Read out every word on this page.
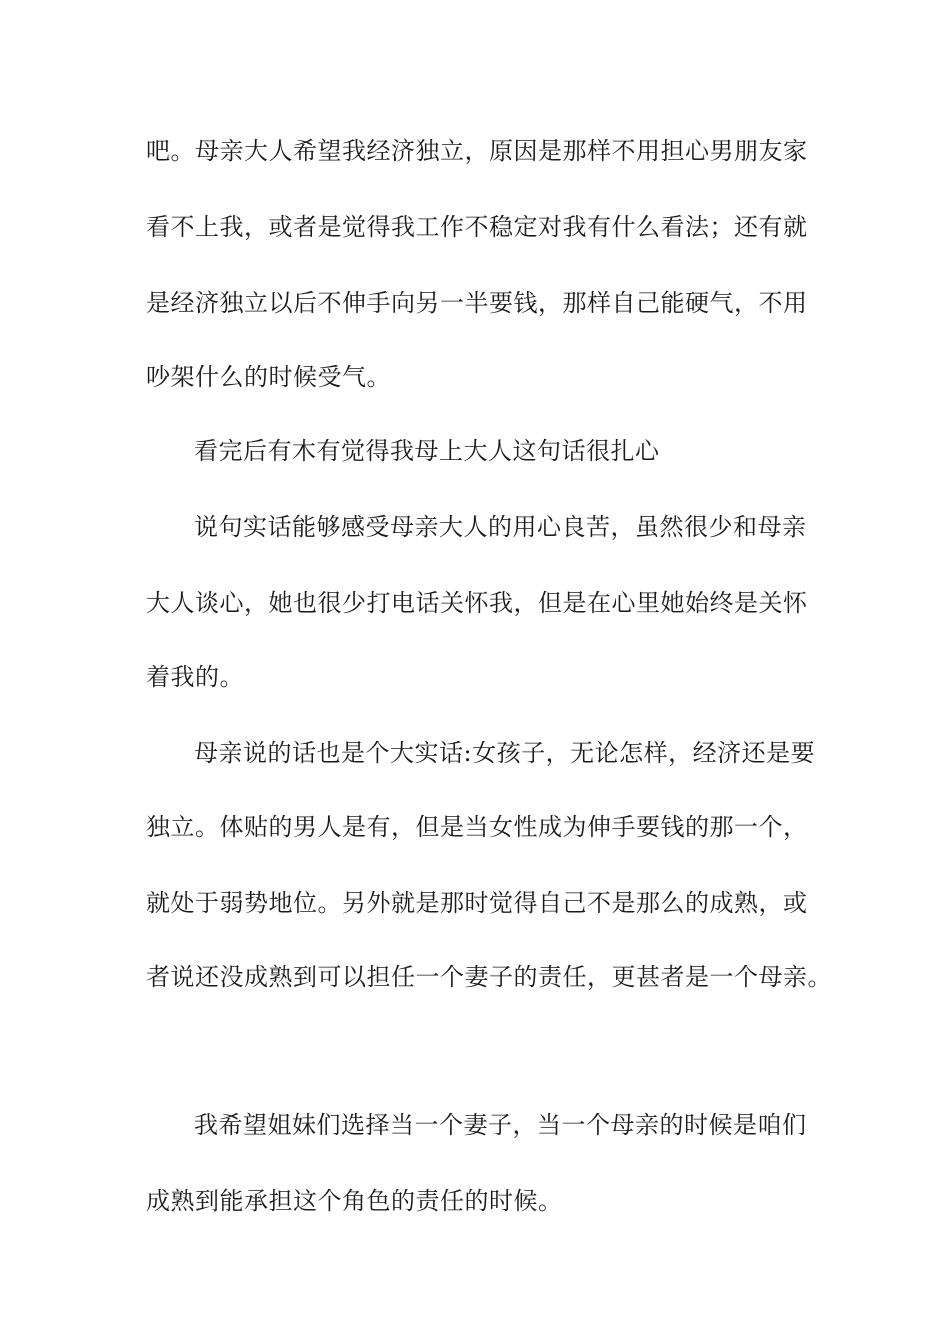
吧。母亲大人希望我经济独立，原因是那样不用担心男朋友家
看不上我，或者是觉得我工作不稳定对我有什么看法；还有就
是经济独立以后不伸手向另一半要钱，那样自己能硬气，不用
吵架什么的时候受气。
看完后有木有觉得我母上大人这句话很扎心
说句实话能够感受母亲大人的用心良苦，虽然很少和母亲
大人谈心，她也很少打电话关怀我，但是在心里她始终是关怀
着我的。
母亲说的话也是个大实话:女孩子，无论怎样，经济还是要
独立。体贴的男人是有，但是当女性成为伸手要钱的那一个，
就处于弱势地位。另外就是那时觉得自己不是那么的成熟，或
者说还没成熟到可以担任一个妻子的责任，更甚者是一个母亲。
我希望姐妹们选择当一个妻子，当一个母亲的时候是咱们
成熟到能承担这个角色的责任的时候。
